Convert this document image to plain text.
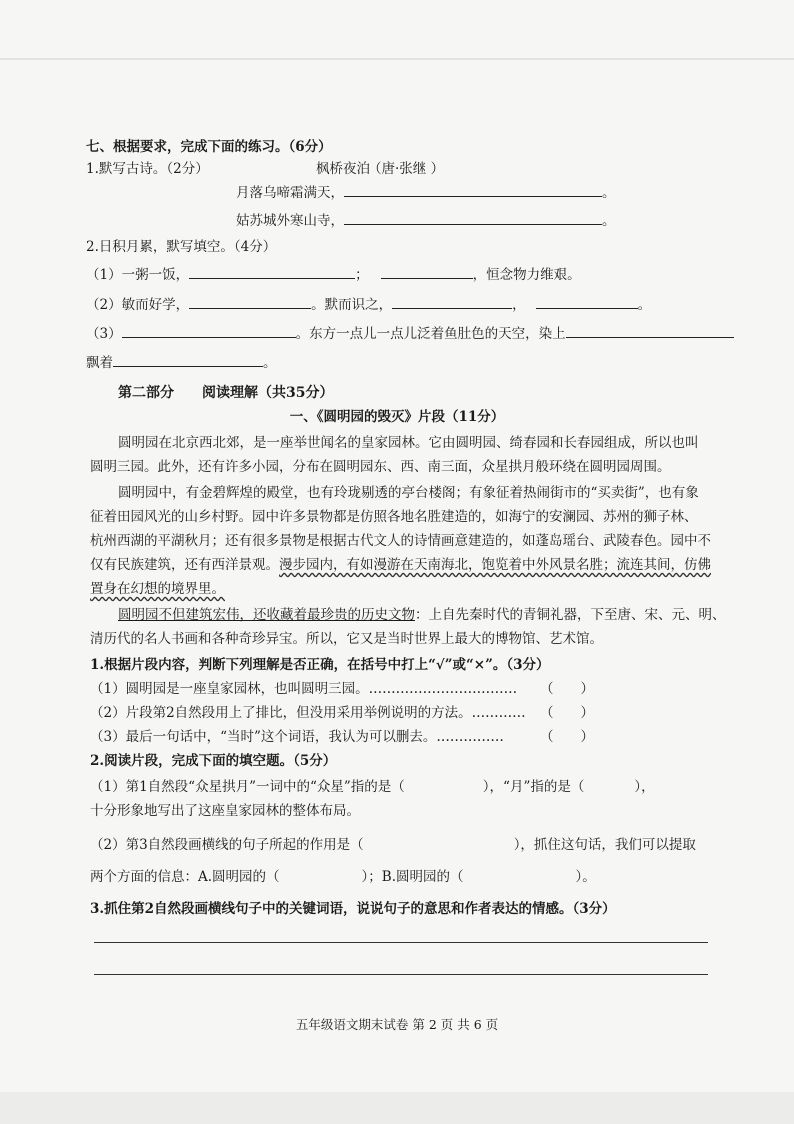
七、根据要求，完成下面的练习。（6分）
1.默写古诗。（2分）	枫桥夜泊
（唐·张继 ）
月落乌啼霜满天，	。
姑苏城外寒山寺，	。
2.日积月累，默写填空。（4分）
（1）一粥一饭，	；	，恒念物力维艰。
（2）敏而好学，	。默而识之，	，	。
（3）	。东方一点儿一点儿泛着鱼肚色的天空，染上
飘着	。
第二部分　　阅读理解（共35分）
一、《圆明园的毁灭》片段（11分）
圆明园在北京西北郊，是一座举世闻名的皇家园林。它由圆明园、绮春园和长春园组成，所以也叫
圆明三园。此外，还有许多小园，分布在圆明园东、西、南三面，众星拱月般环绕在圆明园周围。
圆明园中，有金碧辉煌的殿堂，也有玲珑剔透的亭台楼阁；有象征着热闹街市的“买卖街”，也有象
征着田园风光的山乡村野。园中许多景物都是仿照各地名胜建造的，如海宁的安澜园、苏州的狮子林、
杭州西湖的平湖秋月；还有很多景物是根据古代文人的诗情画意建造的，如蓬岛瑶台、武陵春色。园中不
仅有民族建筑，还有西洋景观。漫步园内，有如漫游在天南海北，饱览着中外风景名胜；流连其间，仿佛
置身在幻想的境界里。
圆明园不但建筑宏伟，还收藏着最珍贵的历史文物：上自先秦时代的青铜礼器，下至唐、宋、元、明、
清历代的名人书画和各种奇珍异宝。所以，它又是当时世界上最大的博物馆、艺术馆。
1.根据片段内容，判断下列理解是否正确，在括号中打上“√”或“×”。（3分）
（1）圆明园是一座皇家园林，也叫圆明三园。…………………………… （　　）
（2）片段第2自然段用上了排比，但没用采用举例说明的方法。………… （　　）
（3）最后一句话中，“当时”这个词语，我认为可以删去。……………	（　　）
2.阅读片段，完成下面的填空题。（5分）
（1）第1自然段“众星拱月”一词中的“众星”指的是（	），“月”指的是（	），
十分形象地写出了这座皇家园林的整体布局。
（2）第3自然段画横线的句子所起的作用是（	），抓住这句话，我们可以提取
两个方面的信息：A.圆明园的（	）；B.圆明园的（	）。
3.抓住第2自然段画横线句子中的关键词语，说说句子的意思和作者表达的情感。（3分）
五年级语文期末试卷 第 2 页 共 6 页
